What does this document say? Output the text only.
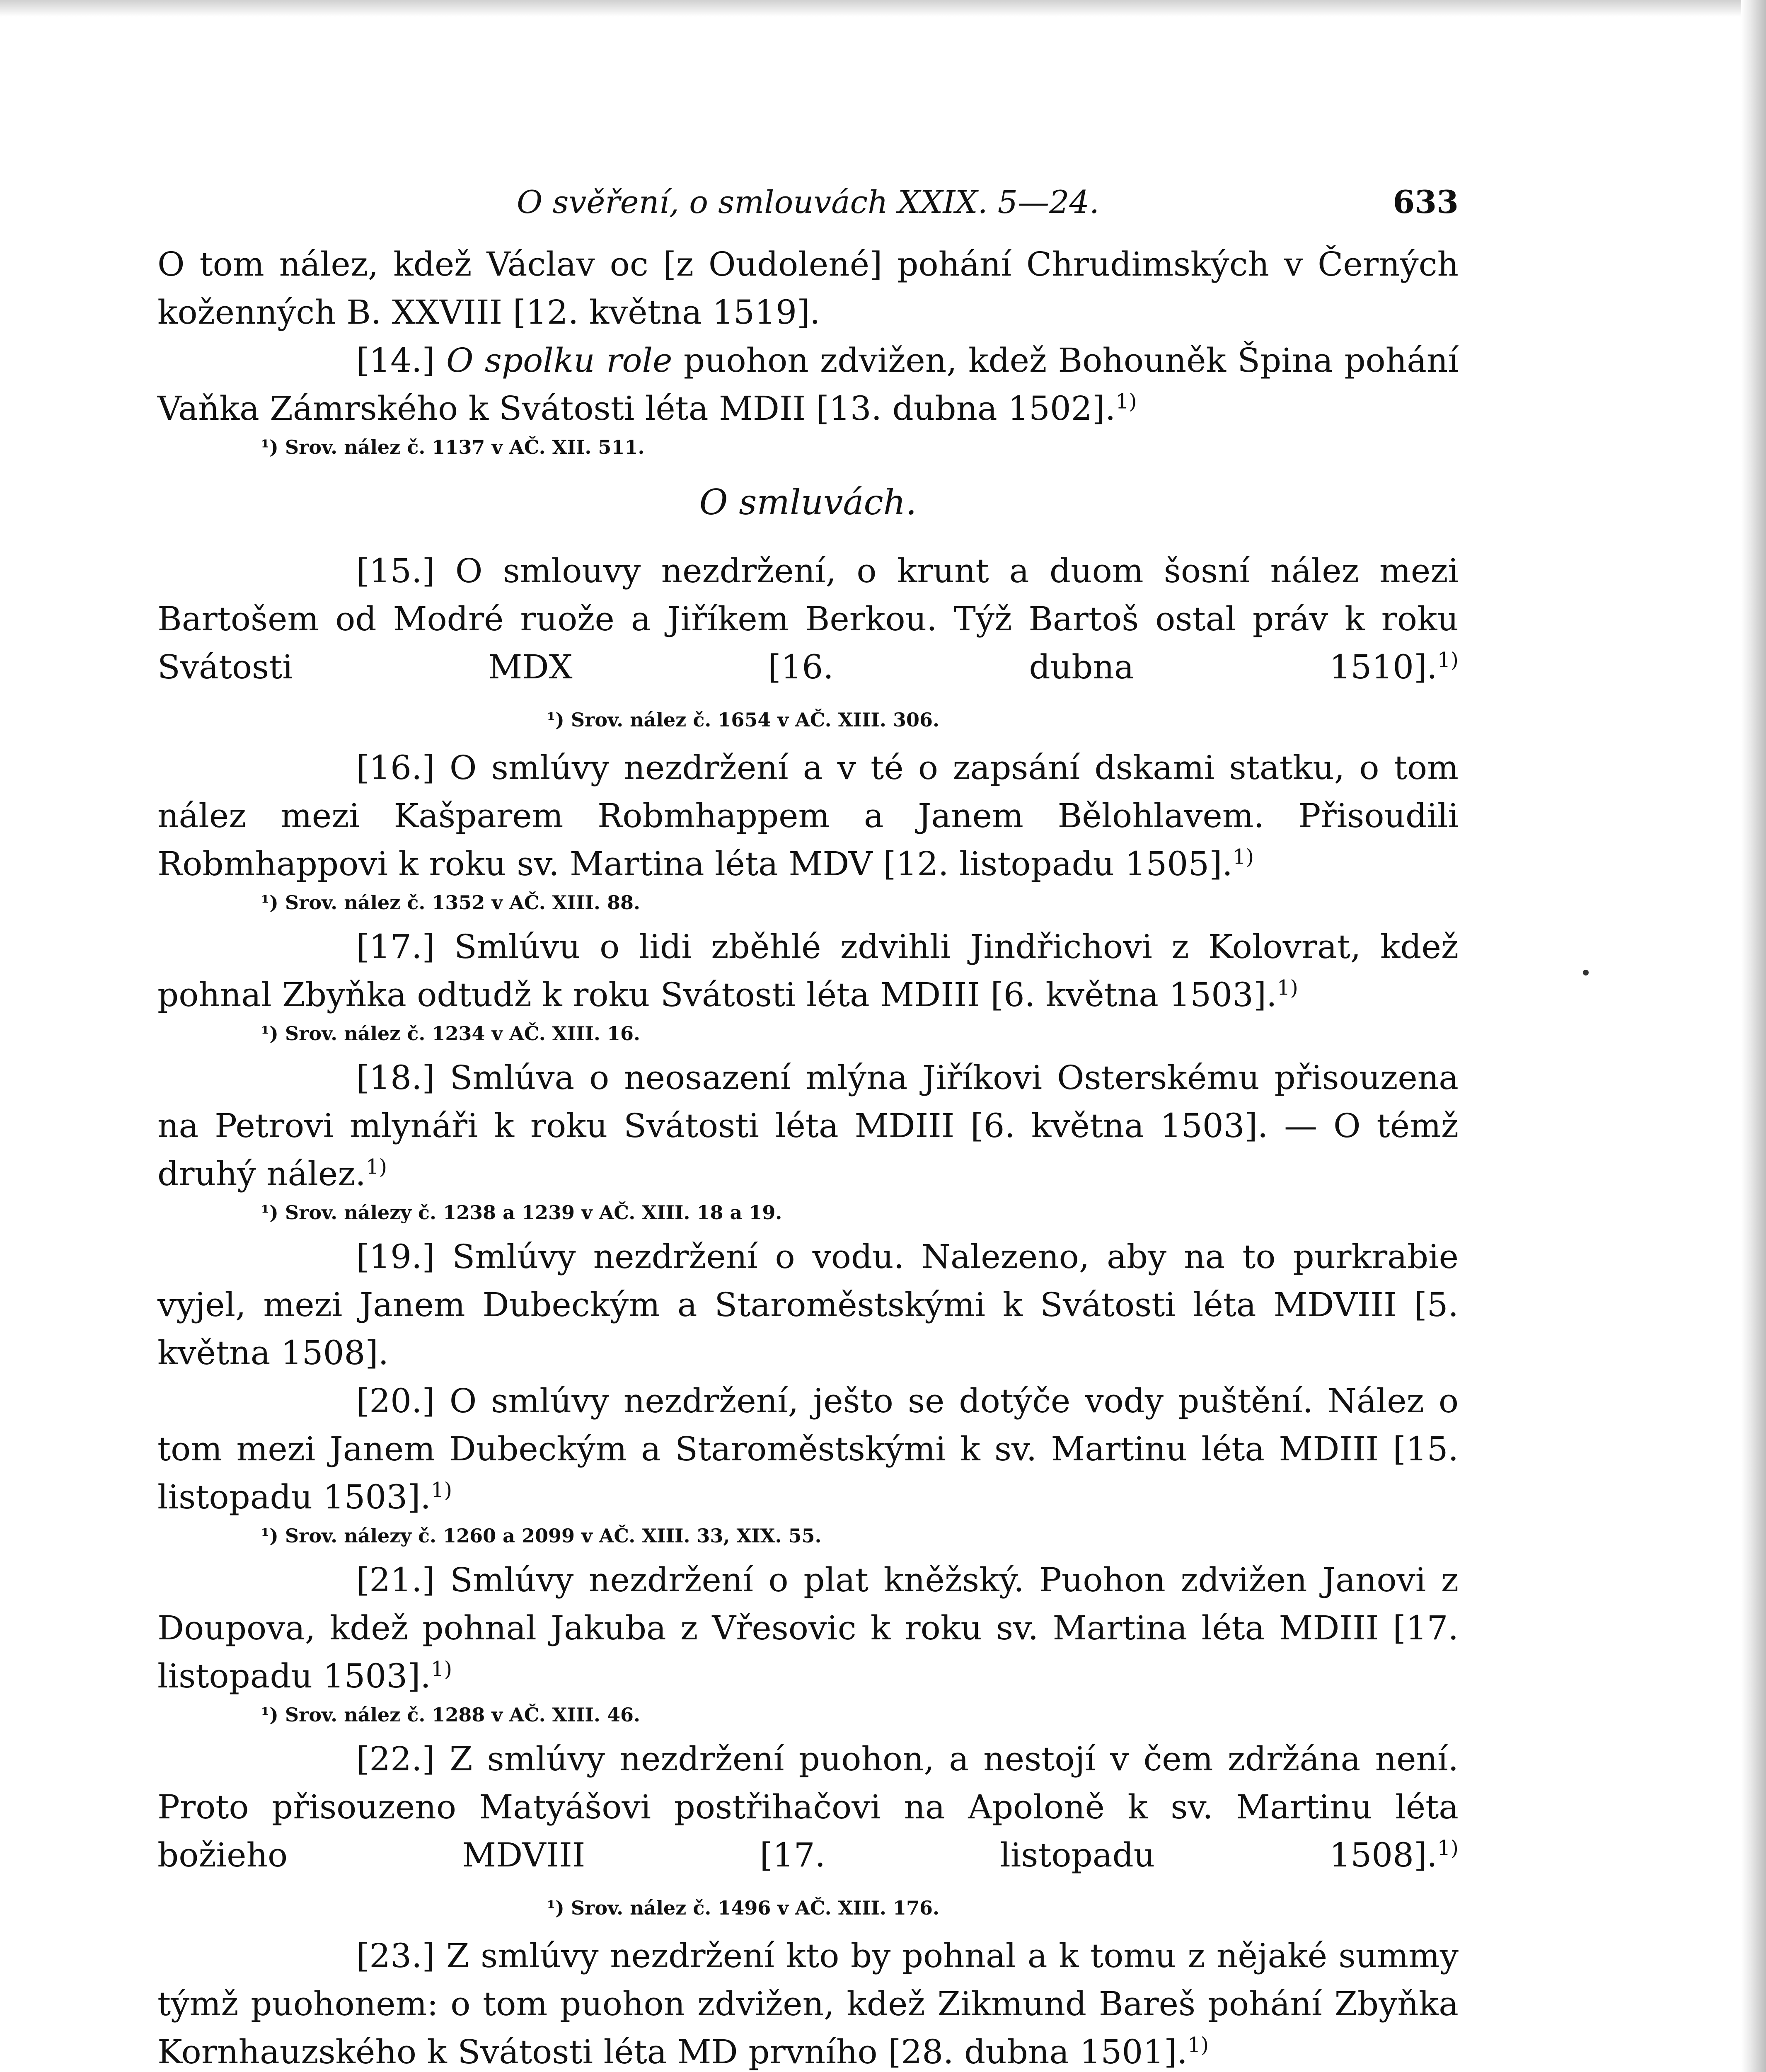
O svěření, o smlouvách XXIX. 5—24.	633

O tom nález, kdež Václav oc [z Oudolené] pohání Chrudimských v Černých koženných B. XXVIII [12. května 1519].

[14.] O spolku role puohon zdvižen, kdež Bohouněk Špina pohání Vaňka Zámrského k Svátosti léta MDII [13. dubna 1502].$^{1)}$

¹) Srov. nález č. 1137 v AČ. XII. 511.
O smluvách.

[15.] O smlouvy nezdržení, o krunt a duom šosní nález mezi Bartošem od Modré ruože a Jiříkem Berkou. Týž Bartoš ostal práv k roku Svátosti MDX [16. dubna 1510].$^{1)}$¹) Srov. nález č. 1654 v AČ. XIII. 306.

[16.] O smlúvy nezdržení a v té o zapsání dskami statku, o tom nález mezi Kašparem Robmhappem a Janem Bělohlavem. Přisoudili Robmhappovi k roku sv. Martina léta MDV [12. listopadu 1505].$^{1)}$

¹) Srov. nález č. 1352 v AČ. XIII. 88.

[17.] Smlúvu o lidi zběhlé zdvihli Jindřichovi z Kolovrat, kdež pohnal Zbyňka odtudž k roku Svátosti léta MDIII [6. května 1503].$^{1)}$

¹) Srov. nález č. 1234 v AČ. XIII. 16.

[18.] Smlúva o neosazení mlýna Jiříkovi Osterskému přisouzena na Petrovi mlynáři k roku Svátosti léta MDIII [6. května 1503]. — O témž druhý nález.$^{1)}$

¹) Srov. nálezy č. 1238 a 1239 v AČ. XIII. 18 a 19.

[19.] Smlúvy nezdržení o vodu. Nalezeno, aby na to purkrabie vyjel, mezi Janem Dubeckým a Staroměstskými k Svátosti léta MDVIII [5. května 1508].

[20.] O smlúvy nezdržení, ješto se dotýče vody puštění. Nález o tom mezi Janem Dubeckým a Staroměstskými k sv. Martinu léta MDIII [15. listopadu 1503].$^{1)}$

¹) Srov. nálezy č. 1260 a 2099 v AČ. XIII. 33, XIX. 55.

[21.] Smlúvy nezdržení o plat kněžský. Puohon zdvižen Janovi z Doupova, kdež pohnal Jakuba z Vřesovic k roku sv. Martina léta MDIII [17. listopadu 1503].$^{1)}$

¹) Srov. nález č. 1288 v AČ. XIII. 46.

[22.] Z smlúvy nezdržení puohon, a nestojí v čem zdržána není. Proto přisouzeno Matyášovi postřihačovi na Apoloně k sv. Martinu léta božieho MDVIII [17. listopadu 1508].$^{1)}$¹) Srov. nález č. 1496 v AČ. XIII. 176.

[23.] Z smlúvy nezdržení kto by pohnal a k tomu z nějaké summy týmž puohonem: o tom puohon zdvižen, kdež Zikmund Bareš pohání Zbyňka Kornhauzského k Svátosti léta MD prvního [28. dubna 1501].$^{1)}$
